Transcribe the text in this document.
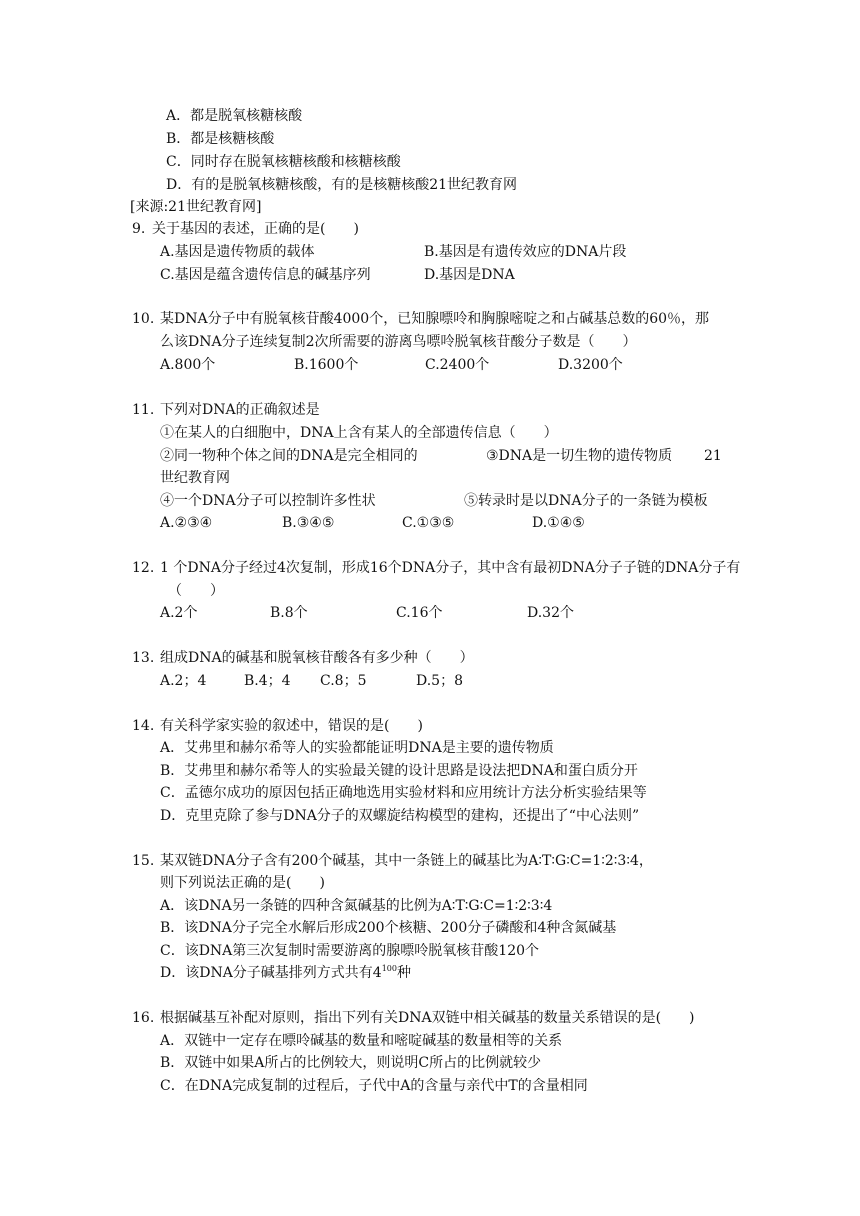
A．都是脱氧核糖核酸
B．都是核糖核酸
C．同时存在脱氧核糖核酸和核糖核酸
D．有的是脱氧核糖核酸，有的是核糖核酸21世纪教育网
[来源:21世纪教育网]
9. 关于基因的表述，正确的是(　　)
A.基因是遗传物质的载体	B.基因是有遗传效应的DNA片段
C.基因是蕴含遗传信息的碱基序列	D.基因是DNA
10. 某DNA分子中有脱氧核苷酸4000个，已知腺嘌呤和胸腺嘧啶之和占碱基总数的60％，那
么该DNA分子连续复制2次所需要的游离鸟嘌呤脱氧核苷酸分子数是（　　）
A.800个	B.1600个	C.2400个	D.3200个
11. 下列对DNA的正确叙述是
①在某人的白细胞中，DNA上含有某人的全部遗传信息（　　）
②同一物种个体之间的DNA是完全相同的	③DNA是一切生物的遗传物质 21
世纪教育网
④一个DNA分子可以控制许多性状	⑤转录时是以DNA分子的一条链为模板
A.②③④	B.③④⑤	C.①③⑤	D.①④⑤
12. 1 个DNA分子经过4次复制，形成16个DNA分子，其中含有最初DNA分子子链的DNA分子有
（　　）
A.2个	B.8个	C.16个	D.32个
13. 组成DNA的碱基和脱氧核苷酸各有多少种（　　）
A.2；4	B.4；4 C.8；5	D.5；8
14. 有关科学家实验的叙述中，错误的是(　　)
A．艾弗里和赫尔希等人的实验都能证明DNA是主要的遗传物质
B．艾弗里和赫尔希等人的实验最关键的设计思路是设法把DNA和蛋白质分开
C．孟德尔成功的原因包括正确地选用实验材料和应用统计方法分析实验结果等
D．克里克除了参与DNA分子的双螺旋结构模型的建构，还提出了“中心法则”
15. 某双链DNA分子含有200个碱基，其中一条链上的碱基比为A∶T∶G∶C=1∶2∶3∶4，
则下列说法正确的是(　　)
A．该DNA另一条链的四种含氮碱基的比例为A∶T∶G∶C=1∶2∶3∶4
B．该DNA分子完全水解后形成200个核糖、200分子磷酸和4种含氮碱基
C．该DNA第三次复制时需要游离的腺嘌呤脱氧核苷酸120个
D．该DNA分子碱基排列方式共有$4^{100}$种
16. 根据碱基互补配对原则，指出下列有关DNA双链中相关碱基的数量关系错误的是(　　)
A．双链中一定存在嘌呤碱基的数量和嘧啶碱基的数量相等的关系
B．双链中如果A所占的比例较大，则说明C所占的比例就较少
C．在DNA完成复制的过程后，子代中A的含量与亲代中T的含量相同
